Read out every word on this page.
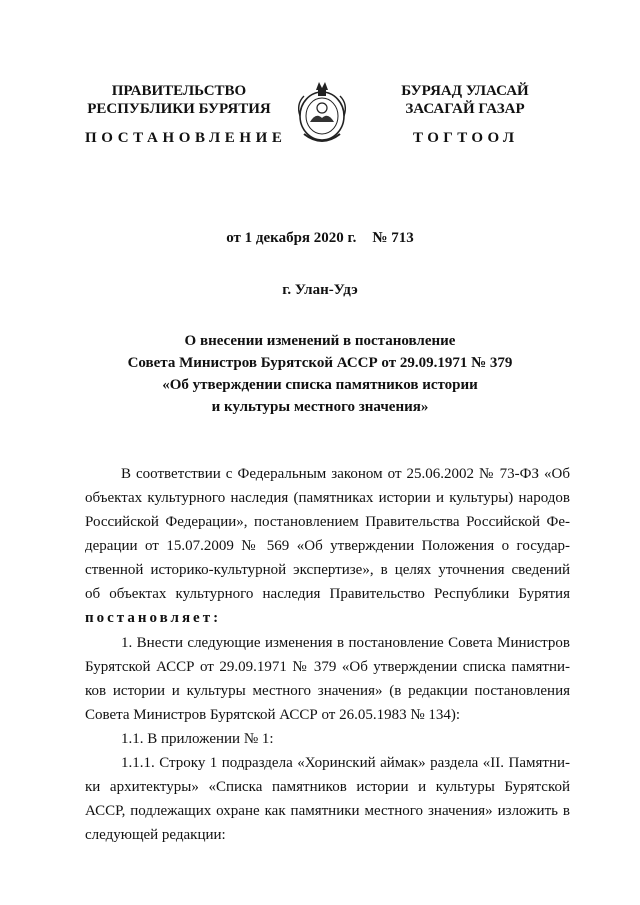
ПРАВИТЕЛЬСТВО
РЕСПУБЛИКИ БУРЯТИЯ
БУРЯАД УЛАСАЙ
ЗАСАГАЙ ГАЗАР
ПОСТАНОВЛЕНИЕ	ТОГТООЛ
от 1 декабря 2020 г. № 713
г. Улан-Удэ
О внесении изменений в постановление
Совета Министров Бурятской АССР от 29.09.1971 № 379
«Об утверждении списка памятников истории
и культуры местного значения»
В соответствии с Федеральным законом от 25.06.2002 № 73-ФЗ «Об
объектах культурного наследия (памятниках истории и культуры) народов
Российской Федерации», постановлением Правительства Российской Фе-
дерации от 15.07.2009 № 569 «Об утверждении Положения о государ-
ственной историко-культурной экспертизе», в целях уточнения сведений
об объектах культурного наследия Правительство Республики Бурятия
постановляет:
1. Внести следующие изменения в постановление Совета Министров
Бурятской АССР от 29.09.1971 № 379 «Об утверждении списка памятни-
ков истории и культуры местного значения» (в редакции постановления
Совета Министров Бурятской АССР от 26.05.1983 № 134):
1.1. В приложении № 1:
1.1.1. Строку 1 подраздела «Хоринский аймак» раздела «II. Памятни-
ки архитектуры» «Списка памятников истории и культуры Бурятской
АССР, подлежащих охране как памятники местного значения» изложить в
следующей редакции:
